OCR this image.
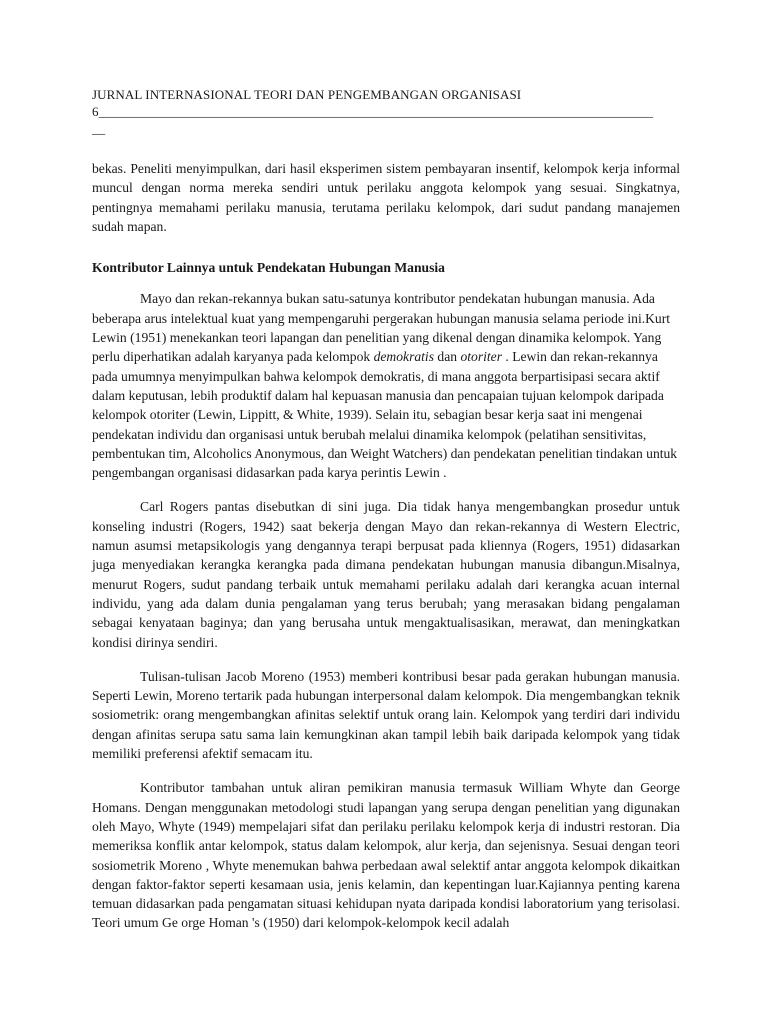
JURNAL INTERNASIONAL TEORI DAN PENGEMBANGAN ORGANISASI
6____________________________________________________________________________________
__

bekas. Peneliti menyimpulkan, dari hasil eksperimen sistem pembayaran insentif, kelompok kerja informal muncul dengan norma mereka sendiri untuk perilaku anggota kelompok yang sesuai. Singkatnya, pentingnya memahami perilaku manusia, terutama perilaku kelompok, dari sudut pandang manajemen sudah mapan.

Kontributor Lainnya untuk Pendekatan Hubungan Manusia

Mayo dan rekan-rekannya bukan satu-satunya kontributor pendekatan hubungan manusia. Ada beberapa arus intelektual kuat yang mempengaruhi pergerakan hubungan manusia selama periode ini.Kurt Lewin (1951) menekankan teori lapangan dan penelitian yang dikenal dengan dinamika kelompok. Yang perlu diperhatikan adalah karyanya pada kelompok demokratis dan otoriter . Lewin dan rekan-rekannya pada umumnya menyimpulkan bahwa kelompok demokratis, di mana anggota berpartisipasi secara aktif dalam keputusan, lebih produktif dalam hal kepuasan manusia dan pencapaian tujuan kelompok daripada kelompok otoriter (Lewin, Lippitt, & White, 1939). Selain itu, sebagian besar kerja saat ini mengenai pendekatan individu dan organisasi untuk berubah melalui dinamika kelompok (pelatihan sensitivitas, pembentukan tim, Alcoholics Anonymous, dan Weight Watchers) dan pendekatan penelitian tindakan untuk pengembangan organisasi didasarkan pada karya perintis Lewin .

Carl Rogers pantas disebutkan di sini juga. Dia tidak hanya mengembangkan prosedur untuk konseling industri (Rogers, 1942) saat bekerja dengan Mayo dan rekan-rekannya di Western Electric, namun asumsi metapsikologis yang dengannya terapi berpusat pada kliennya (Rogers, 1951) didasarkan juga menyediakan kerangka kerangka pada dimana pendekatan hubungan manusia dibangun.Misalnya, menurut Rogers, sudut pandang terbaik untuk memahami perilaku adalah dari kerangka acuan internal individu, yang ada dalam dunia pengalaman yang terus berubah; yang merasakan bidang pengalaman sebagai kenyataan baginya; dan yang berusaha untuk mengaktualisasikan, merawat, dan meningkatkan kondisi dirinya sendiri.

Tulisan-tulisan Jacob Moreno (1953) memberi kontribusi besar pada gerakan hubungan manusia. Seperti Lewin, Moreno tertarik pada hubungan interpersonal dalam kelompok. Dia mengembangkan teknik sosiometrik: orang mengembangkan afinitas selektif untuk orang lain. Kelompok yang terdiri dari individu dengan afinitas serupa satu sama lain kemungkinan akan tampil lebih baik daripada kelompok yang tidak memiliki preferensi afektif semacam itu.

Kontributor tambahan untuk aliran pemikiran manusia termasuk William Whyte dan George Homans. Dengan menggunakan metodologi studi lapangan yang serupa dengan penelitian yang digunakan oleh Mayo, Whyte (1949) mempelajari sifat dan perilaku perilaku kelompok kerja di industri restoran. Dia memeriksa konflik antar kelompok, status dalam kelompok, alur kerja, dan sejenisnya. Sesuai dengan teori sosiometrik Moreno , Whyte menemukan bahwa perbedaan awal selektif antar anggota kelompok dikaitkan dengan faktor-faktor seperti kesamaan usia, jenis kelamin, dan kepentingan luar.Kajiannya penting karena temuan didasarkan pada pengamatan situasi kehidupan nyata daripada kondisi laboratorium yang terisolasi. Teori umum Ge orge Homan 's (1950) dari kelompok-kelompok kecil adalah
